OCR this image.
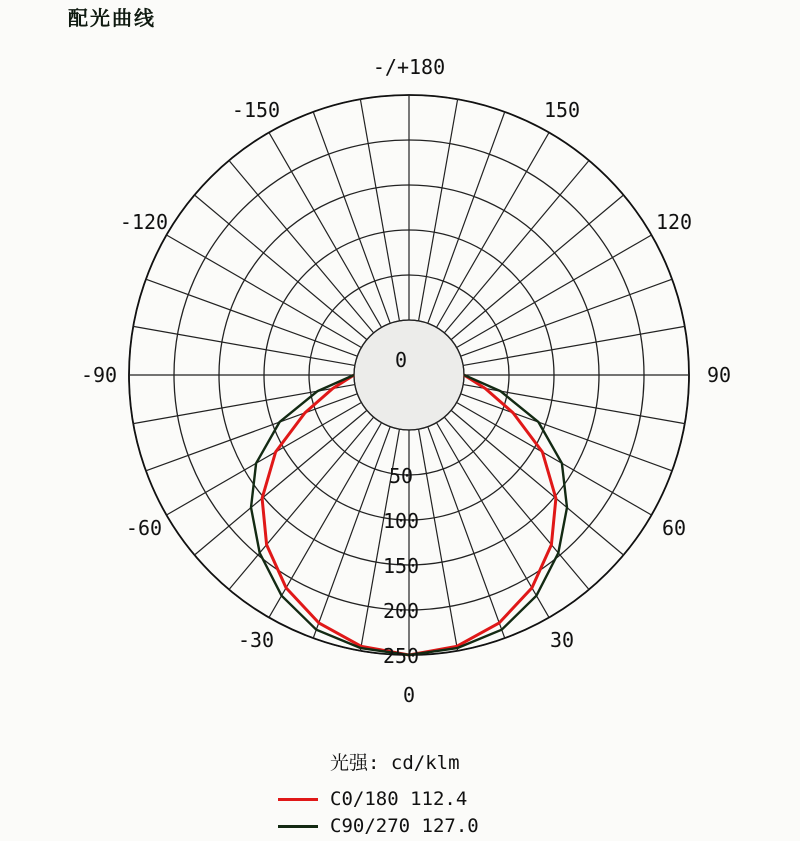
配光曲线
0
50
100
150
200
250
-/+180
150
120
90
60
30
0
-30
-60
-90
-120
-150
光强: cd/klm
C0/180 112.4
C90/270 127.0
